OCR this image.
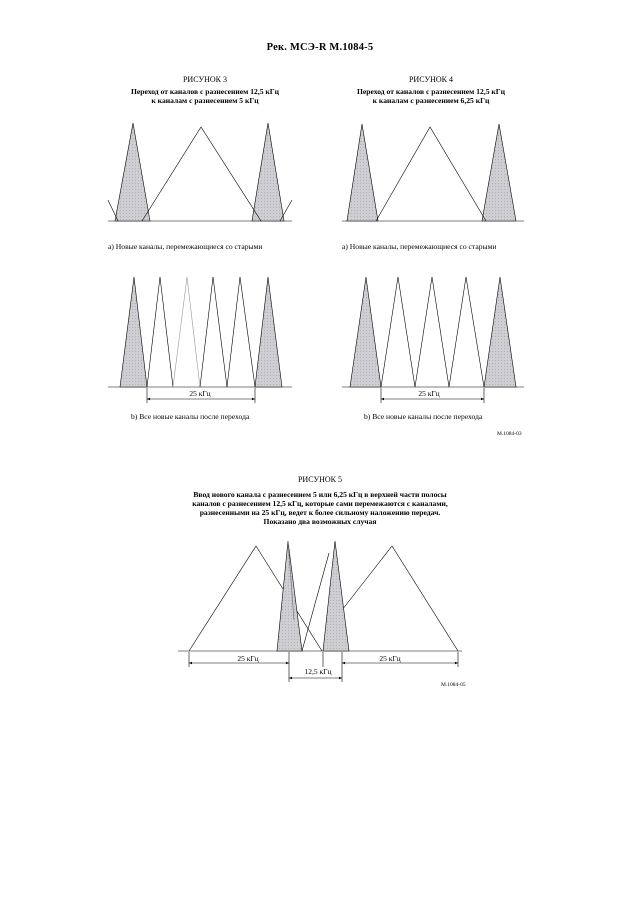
Рек. МСЭ-R M.1084-5
РИСУНОК 3
Переход от каналов с разнесением 12,5 кГц
к каналам с разнесением 5 кГц
a) Новые каналы, перемежающиеся со старыми
b) Все новые каналы после перехода
25 кГц
РИСУНОК 4
Переход от каналов с разнесением 12,5 кГц
к каналам с разнесением 6,25 кГц
a) Новые каналы, перемежающиеся со старыми
b) Все новые каналы после перехода
25 кГц
M.1084-03
РИСУНОК 5
Ввод нового канала с разнесением 5 или 6,25 кГц в верхней части полосы
каналов с разнесением 12,5 кГц, которые сами перемежаются с каналами,
разнесенными на 25 кГц, ведет к более сильному наложению передач.
Показано два возможных случая
25 кГц	25 кГц
12,5 кГц
M.1084-05
